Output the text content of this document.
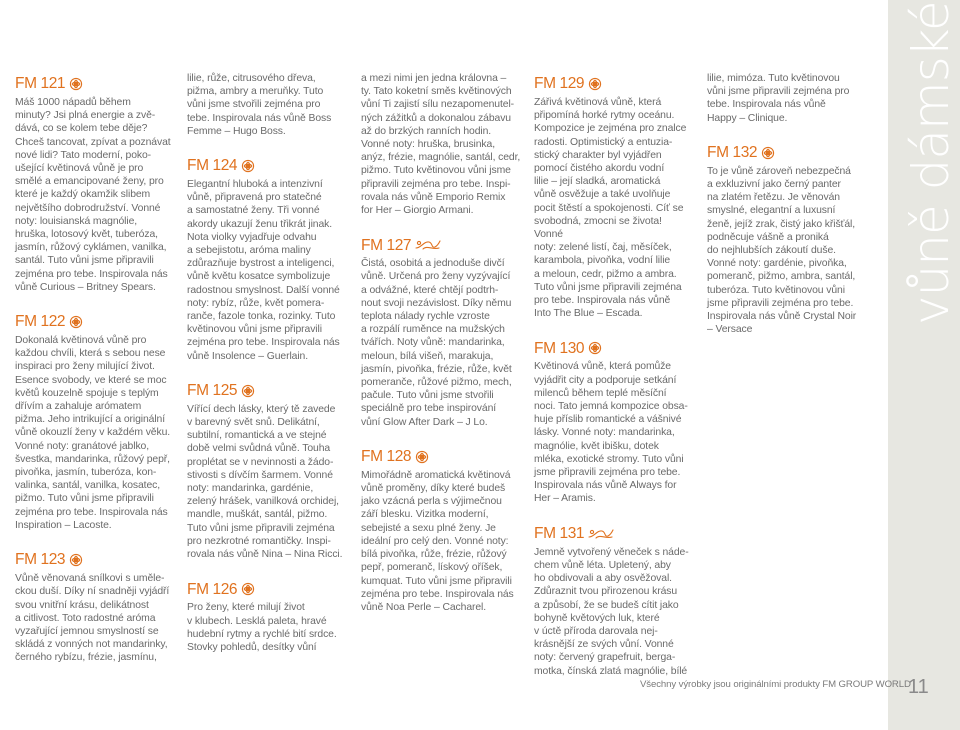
FM 121

Máš 1000 nápadů během

minuty? Jsi plná energie a zvě-

dává, co se kolem tebe děje?

Chceš tancovat, zpívat a poznávat

nové lidi? Tato moderní, poko-

ušející květinová vůně je pro

smělé a emancipované ženy, pro

které je každý okamžik slibem

největšího dobrodružství. Vonné

noty: louisianská magnólie,

hruška, lotosový květ, tuberóza,

jasmín, růžový cyklámen, vanilka,

santál. Tuto vůni jsme připravili

zejména pro tebe. Inspirovala nás

vůně Curious – Britney Spears.

FM 122

Dokonalá květinová vůně pro

každou chvíli, která s sebou nese

inspiraci pro ženy milující život.

Esence svobody, ve které se moc

květů kouzelně spojuje s teplým

dřívím a zahaluje arómatem

pižma. Jeho intrikující a originální

vůně okouzlí ženy v každém věku.

Vonné noty: granátové jablko,

švestka, mandarinka, růžový pepř,

pivoňka, jasmín, tuberóza, kon-

valinka, santál, vanilka, kosatec,

pižmo. Tuto vůni jsme připravili

zejména pro tebe. Inspirovala nás

Inspiration – Lacoste.

FM 123

Vůně věnovaná snílkovi s uměle-

ckou duší. Díky ní snadněji vyjádří

svou vnitřní krásu, delikátnost

a citlivost. Toto radostné aróma

vyzařující jemnou smyslností se

skládá z vonných not mandarinky,

černého rybízu, frézie, jasmínu,

lilie, růže, citrusového dřeva,

pižma, ambry a meruňky. Tuto

vůni jsme stvořili zejména pro

tebe. Inspirovala nás vůně Boss

Femme – Hugo Boss.

FM 124

Elegantní hluboká a intenzivní

vůně, připravená pro statečné

a samostatné ženy. Tři vonné

akordy ukazují ženu třikrát jinak.

Nota violky vyjadřuje odvahu

a sebejistotu, aróma maliny

zdůrazňuje bystrost a inteligenci,

vůně květu kosatce symbolizuje

radostnou smyslnost. Další vonné

noty: rybíz, růže, květ pomera-

ranče, fazole tonka, rozinky. Tuto

květinovou vůni jsme připravili

zejména pro tebe. Inspirovala nás

vůně Insolence – Guerlain.

FM 125

Vířící dech lásky, který tě zavede

v barevný svět snů. Delikátní,

subtilní, romantická a ve stejné

době velmi svůdná vůně. Touha

proplétat se v nevinnosti a žádo-

stivosti s dívčím šarmem. Vonné

noty: mandarinka, gardénie,

zelený hrášek, vanilková orchidej,

mandle, muškát, santál, pižmo.

Tuto vůni jsme připravili zejména

pro nezkrotné romantičky. Inspi-

rovala nás vůně Nina – Nina Ricci.

FM 126

Pro ženy, které milují život

v klubech. Lesklá paleta, hravé

hudební rytmy a rychlé bití srdce.

Stovky pohledů, desítky vůní

a mezi nimi jen jedna královna –

ty. Tato koketní směs květinových

vůní Ti zajistí sílu nezapomenutel-

ných zážitků a dokonalou zábavu

až do brzkých ranních hodin.

Vonné noty: hruška, brusinka,

anýz, frézie, magnólie, santál, cedr,

pižmo. Tuto květinovou vůni jsme

připravili zejména pro tebe. Inspi-

rovala nás vůně Emporio Remix

for Her – Giorgio Armani.

FM 127

Čistá, osobitá a jednoduše divčí

vůně. Určená pro ženy vyzývající

a odvážné, které chtějí podtrh-

nout svoji nezávislost. Díky němu

teplota nálady rychle vzroste

a rozpálí ruměnce na mužských

tvářích. Noty vůně: mandarinka,

meloun, bílá višeň, marakuja,

jasmín, pivoňka, frézie, růže, květ

pomeranče, růžové pižmo, mech,

pačule. Tuto vůni jsme stvořili

speciálně pro tebe inspirování

vůní Glow After Dark – J Lo.

FM 128

Mimořádně aromatická květinová

vůně proměny, díky které budeš

jako vzácná perla s výjimečnou

září blesku. Vizitka moderní,

sebejisté a sexu plné ženy. Je

ideální pro celý den. Vonné noty:

bílá pivoňka, růže, frézie, růžový

pepř, pomeranč, lískový oříšek,

kumquat. Tuto vůni jsme připravili

zejména pro tebe. Inspirovala nás

vůně Noa Perle – Cacharel.

FM 129

Zářivá květinová vůně, která

připomíná horké rytmy oceánu.

Kompozice je zejména pro znalce

radosti. Optimistický a entuzia-

stický charakter byl vyjádřen

pomocí čistého akordu vodní

lilie – její sladká, aromatická

vůně osvěžuje a také uvolňuje

pocit štěstí a spokojenosti. Cíť se

svobodná, zmocni se života! Vonné

noty: zelené listí, čaj, měsíček,

karambola, pivoňka, vodní lilie

a meloun, cedr, pižmo a ambra.

Tuto vůni jsme připravili zejména

pro tebe. Inspirovala nás vůně

Into The Blue – Escada.

FM 130

Květinová vůně, která pomůže

vyjádřit city a podporuje setkání

milenců během teplé měsíční

noci. Tato jemná kompozice obsa-

huje příslib romantické a vášnivé

lásky. Vonné noty: mandarinka,

magnólie, květ ibišku, dotek

mléka, exotické stromy. Tuto vůni

jsme připravili zejména pro tebe.

Inspirovala nás vůně Always for

Her – Aramis.

FM 131

Jemně vytvořený věneček s náde-

chem vůně léta. Upletený, aby

ho obdivovali a aby osvěžoval.

Zdůraznit tvou přirozenou krásu

a způsobí, že se budeš cítit jako

bohyně květových luk, které

v úctě příroda darovala nej-

krásnější ze svých vůní. Vonné

noty: červený grapefruit, berga-

motka, čínská zlatá magnólie, bílé

lilie, mimóza. Tuto květinovou

vůni jsme připravili zejména pro

tebe. Inspirovala nás vůně

Happy – Clinique.

FM 132

To je vůně zároveň nebezpečná

a exkluzivní jako černý panter

na zlatém řetězu. Je věnován

smyslné, elegantní a luxusní

ženě, jejíž zrak, čistý jako křišťál,

podněcuje vášně a proniká

do nejhlubších zákoutí duše.

Vonné noty: gardénie, pivoňka,

pomeranč, pižmo, ambra, santál,

tuberóza. Tuto květinovou vůni

jsme připravili zejména pro tebe.

Inspirovala nás vůně Crystal Noir

– Versace

vůně dámské
11
Všechny výrobky jsou originálními produkty FM GROUP WORLD
